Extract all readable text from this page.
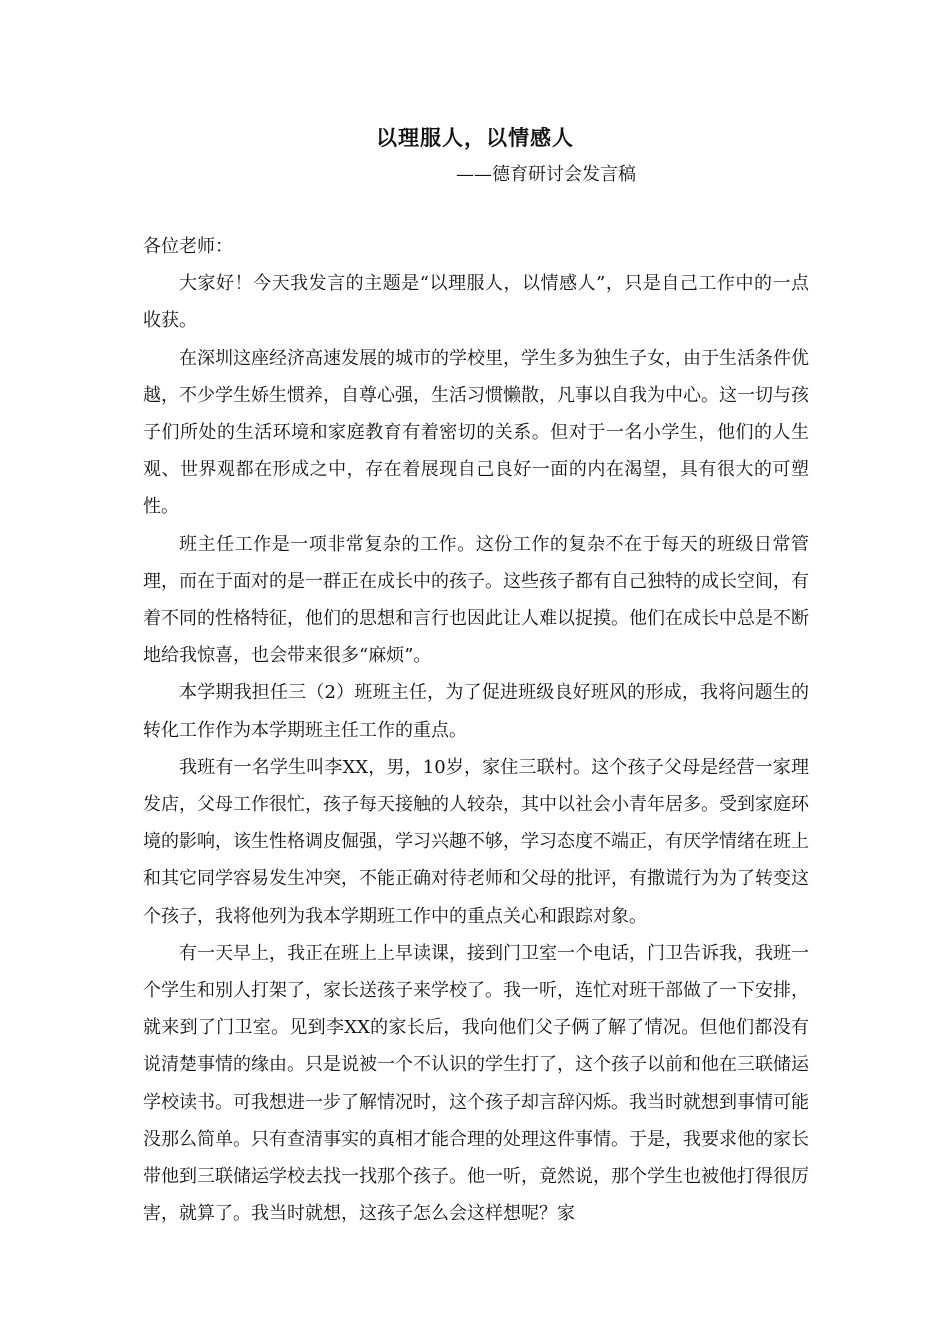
以理服人，以情感人
——德育研讨会发言稿

各位老师：

大家好！今天我发言的主题是“以理服人，以情感人”，只是自己工作中的一点收获。

在深圳这座经济高速发展的城市的学校里，学生多为独生子女，由于生活条件优越，不少学生娇生惯养，自尊心强，生活习惯懒散，凡事以自我为中心。这一切与孩子们所处的生活环境和家庭教育有着密切的关系。但对于一名小学生，他们的人生观、世界观都在形成之中，存在着展现自己良好一面的内在渴望，具有很大的可塑性。

班主任工作是一项非常复杂的工作。这份工作的复杂不在于每天的班级日常管理，而在于面对的是一群正在成长中的孩子。这些孩子都有自己独特的成长空间，有着不同的性格特征，他们的思想和言行也因此让人难以捉摸。他们在成长中总是不断地给我惊喜，也会带来很多“麻烦”。

本学期我担任三（2）班班主任，为了促进班级良好班风的形成，我将问题生的转化工作作为本学期班主任工作的重点。

我班有一名学生叫李XX，男，10岁，家住三联村。这个孩子父母是经营一家理发店，父母工作很忙，孩子每天接触的人较杂，其中以社会小青年居多。受到家庭环境的影响，该生性格调皮倔强，学习兴趣不够，学习态度不端正，有厌学情绪在班上和其它同学容易发生冲突，不能正确对待老师和父母的批评，有撒谎行为为了转变这个孩子，我将他列为我本学期班工作中的重点关心和跟踪对象。

有一天早上，我正在班上上早读课，接到门卫室一个电话，门卫告诉我，我班一个学生和别人打架了，家长送孩子来学校了。我一听，连忙对班干部做了一下安排，就来到了门卫室。见到李XX的家长后，我向他们父子俩了解了情况。但他们都没有说清楚事情的缘由。只是说被一个不认识的学生打了，这个孩子以前和他在三联储运学校读书。可我想进一步了解情况时，这个孩子却言辞闪烁。我当时就想到事情可能没那么简单。只有查清事实的真相才能合理的处理这件事情。于是，我要求他的家长带他到三联储运学校去找一找那个孩子。他一听，竟然说，那个学生也被他打得很厉害，就算了。我当时就想，这孩子怎么会这样想呢？家
